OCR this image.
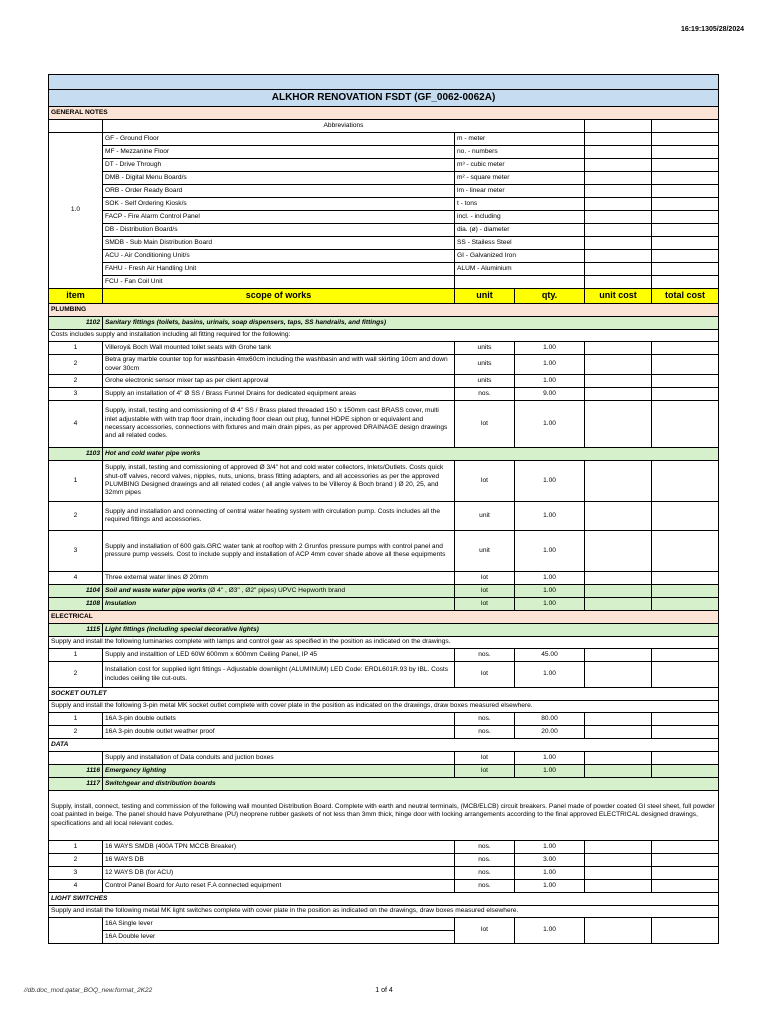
16:19:1305/28/2024

ALKHOR RENOVATION FSDT (GF_0062-0062A)					
GENERAL NOTES					
	Abbreviations				
1.0	GF - Ground Floor	m - meter			
	MF - Mezzanine Floor	no. - numbers			
	DT - Drive Through	m³ - cubic meter			
	DMB - Digital Menu Board/s	m² - square meter			
	ORB - Order Ready Board	lm - linear meter			
	SOK - Self Ordering Kiosk/s	t - tons			
	FACP - Fire Alarm Control Panel	incl. - including			
	DB - Distribution Board/s	dia. (ø) - diameter			
	SMDB - Sub Main Distribution Board	SS - Stailess Steel			
	ACU - Air Conditioning Unit/s	GI - Galvanized Iron			
	FAHU - Fresh Air Handling Unit	ALUM - Aluminium			
	FCU - Fan Coil Unit				
item	scope of works	unit	qty.	unit cost	total cost
PLUMBING					
1102	Sanitary fittings (toilets, basins, urinals, soap dispensers, taps, SS handrails, and fittings)				
Costs includes supply and installation including all fitting required for the following:					
1	Villeroy& Boch Wall mounted toilet seats with Grohe tank	units	1.00		
2	Betra gray marble counter top for washbasin 4mx60cm including the washbasin and with wall skirting 10cm and down cover 30cm	units	1.00		
2	Grohe electronic sensor mixer tap as per client approval	units	1.00		
3	Supply an installation of 4" Ø SS / Brass Funnel Drains for dedicated equipment areas	nos.	9.00		
4	Supply, install, testing and comissioning of Ø 4" SS / Brass plated threaded 150 x 150mm cast BRASS cover, multi inlet adjustable with with trap floor drain, including floor clean out plug, funnel HDPE siphon or equivalent and necessary accessories, connections with fixtures and main drain pipes, as per approved DRAINAGE design drawings and all related codes.	lot	1.00		
1103	Hot and cold water pipe works				
1	Supply, install, testing and comissioning of approved Ø 3/4" hot and cold water collectors, Inlets/Outlets. Costs quick shut-off valves, record valves, nipples, nuts, unions, brass fitting adapters, and all accessories as per the approved PLUMBING Designed drawings and all related codes ( all angle valves to be Villeroy & Boch brand ) Ø 20, 25, and 32mm pipes	lot	1.00		
2	Supply and installation and connecting of central water heating system with circulation pump. Costs includes all the required fittings and accessories.	unit	1.00		
3	Supply and installation of 600 gals.GRC water tank at rooftop with 2 Grunfos pressure pumps with control panel and pressure pump vessels. Cost to include supply and installation of ACP 4mm cover shade above all these equipments	unit	1.00		
4	Three external water lines Ø 20mm	lot	1.00		
1104	Soil and waste water pipe works (Ø 4" , Ø3" , Ø2" pipes) UPVC Hepworth brand	lot	1.00		
1108	Insulation	lot	1.00		
ELECTRICAL					
1115	Light fittings (including special decorative lights)				
Supply and install the following luminaries complete with lamps and control gear as specified in the position as indicated on the drawings.					
1	Supply and installtion of LED 60W 600mm x 600mm Ceiling Panel, IP 45	nos.	45.00		
2	Installation cost for supplied light fittings - Adjustable downlight (ALUMINUM) LED Code: ERDL601R.93 by IBL. Costs includes ceiling tile cut-outs.	lot	1.00		
SOCKET OUTLET					
Supply and install the following 3-pin metal MK socket outlet complete with cover plate in the position as indicated on the drawings, draw boxes measured elsewhere.					
1	16A 3-pin double outlets	nos.	80.00		
2	16A 3-pin double outlet weather proof	nos.	20.00		
DATA					
	Supply and installation of Data conduits and juction boxes	lot	1.00		
1116	Emergency lighting	lot	1.00		
1117	Switchgear and distribution boards				
Supply, install, connect, testing and commission of the following wall mounted Distribution Board. Complete with earth and neutral terminals, (MCB/ELCB) circuit breakers. Panel made of powder coated GI steel sheet, full powder coat painted in beige. The panel should have Polyurethane (PU) neoprene rubber gaskets of not less than 3mm thick, hinge door with locking arrangements according to the final approved ELECTRICAL designed drawings, specifications and all local relevant codes.					
1	16 WAYS SMDB (400A TPN MCCB Breaker)	nos.	1.00		
2	16 WAYS DB	nos.	3.00		
3	12 WAYS DB (for ACU)	nos.	1.00		
4	Control Panel Board for Auto reset F.A connected equipment	nos.	1.00		
LIGHT SWITCHES					
Supply and install the following metal MK light switches complete with cover plate in the position as indicated on the drawings, draw boxes measured elsewhere.					
	16A Single lever	lot	1.00		
	16A Double lever				
//db.doc_mod.qatar_BOQ_new.format_2K22	1 of 4
